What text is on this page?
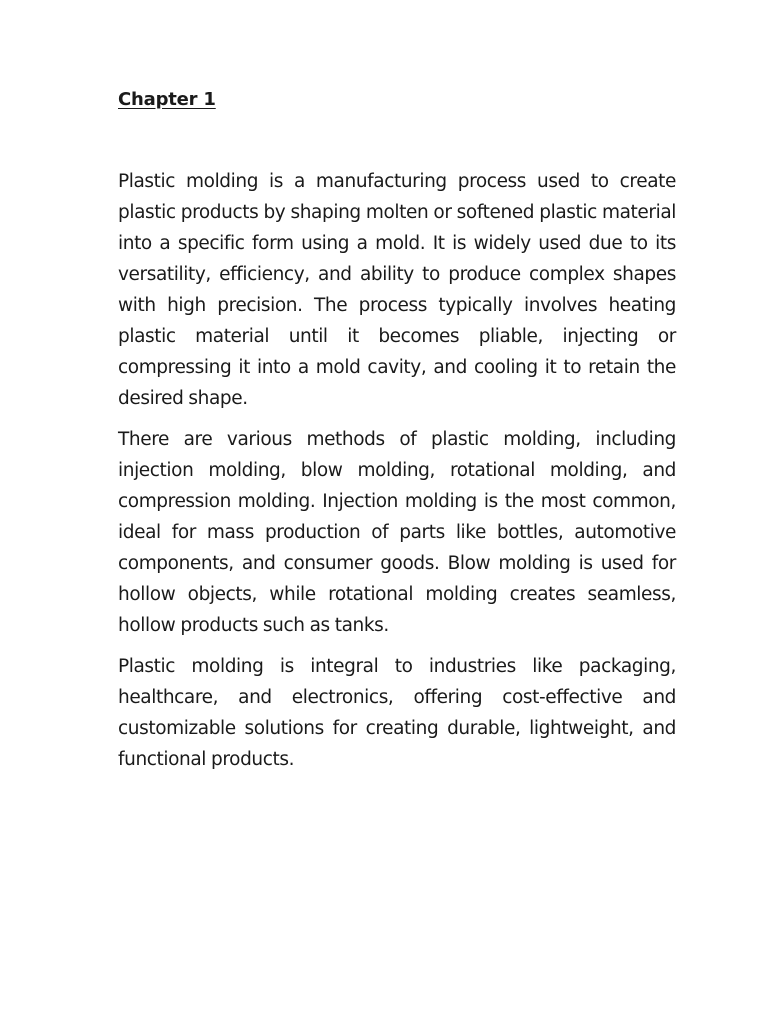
Chapter 1

Plastic molding is a manufacturing process used to create plastic products by shaping molten or softened plastic material into a specific form using a mold. It is widely used due to its versatility, efficiency, and ability to produce complex shapes with high precision. The process typically involves heating plastic material until it becomes pliable, injecting or compressing it into a mold cavity, and cooling it to retain the desired shape.

There are various methods of plastic molding, including injection molding, blow molding, rotational molding, and compression molding. Injection molding is the most common, ideal for mass production of parts like bottles, automotive components, and consumer goods. Blow molding is used for hollow objects, while rotational molding creates seamless, hollow products such as tanks.

Plastic molding is integral to industries like packaging, healthcare, and electronics, offering cost-effective and customizable solutions for creating durable, lightweight, and functional products.
